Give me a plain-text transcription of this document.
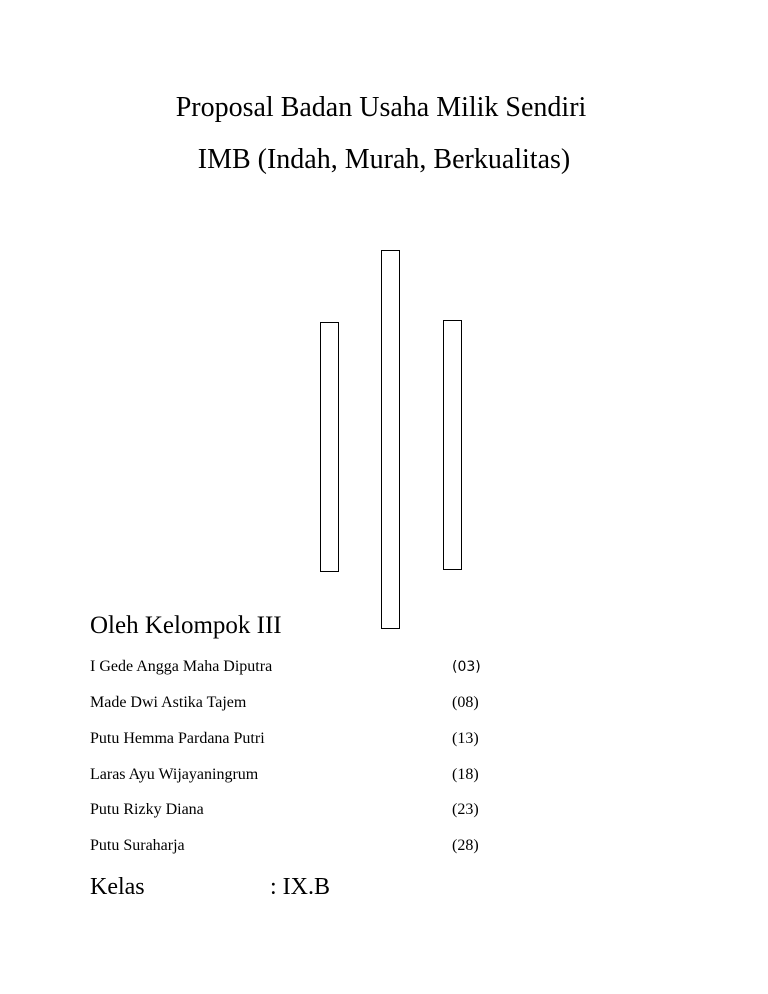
Proposal Badan Usaha Milik Sendiri
IMB (Indah, Murah, Berkualitas)
Oleh Kelompok III
I Gede Angga Maha Diputra	(03)
Made Dwi Astika Tajem	(08)
Putu Hemma Pardana Putri	(13)
Laras Ayu Wijayaningrum	(18)
Putu Rizky Diana	(23)
Putu Suraharja	(28)
Kelas	: IX.B
